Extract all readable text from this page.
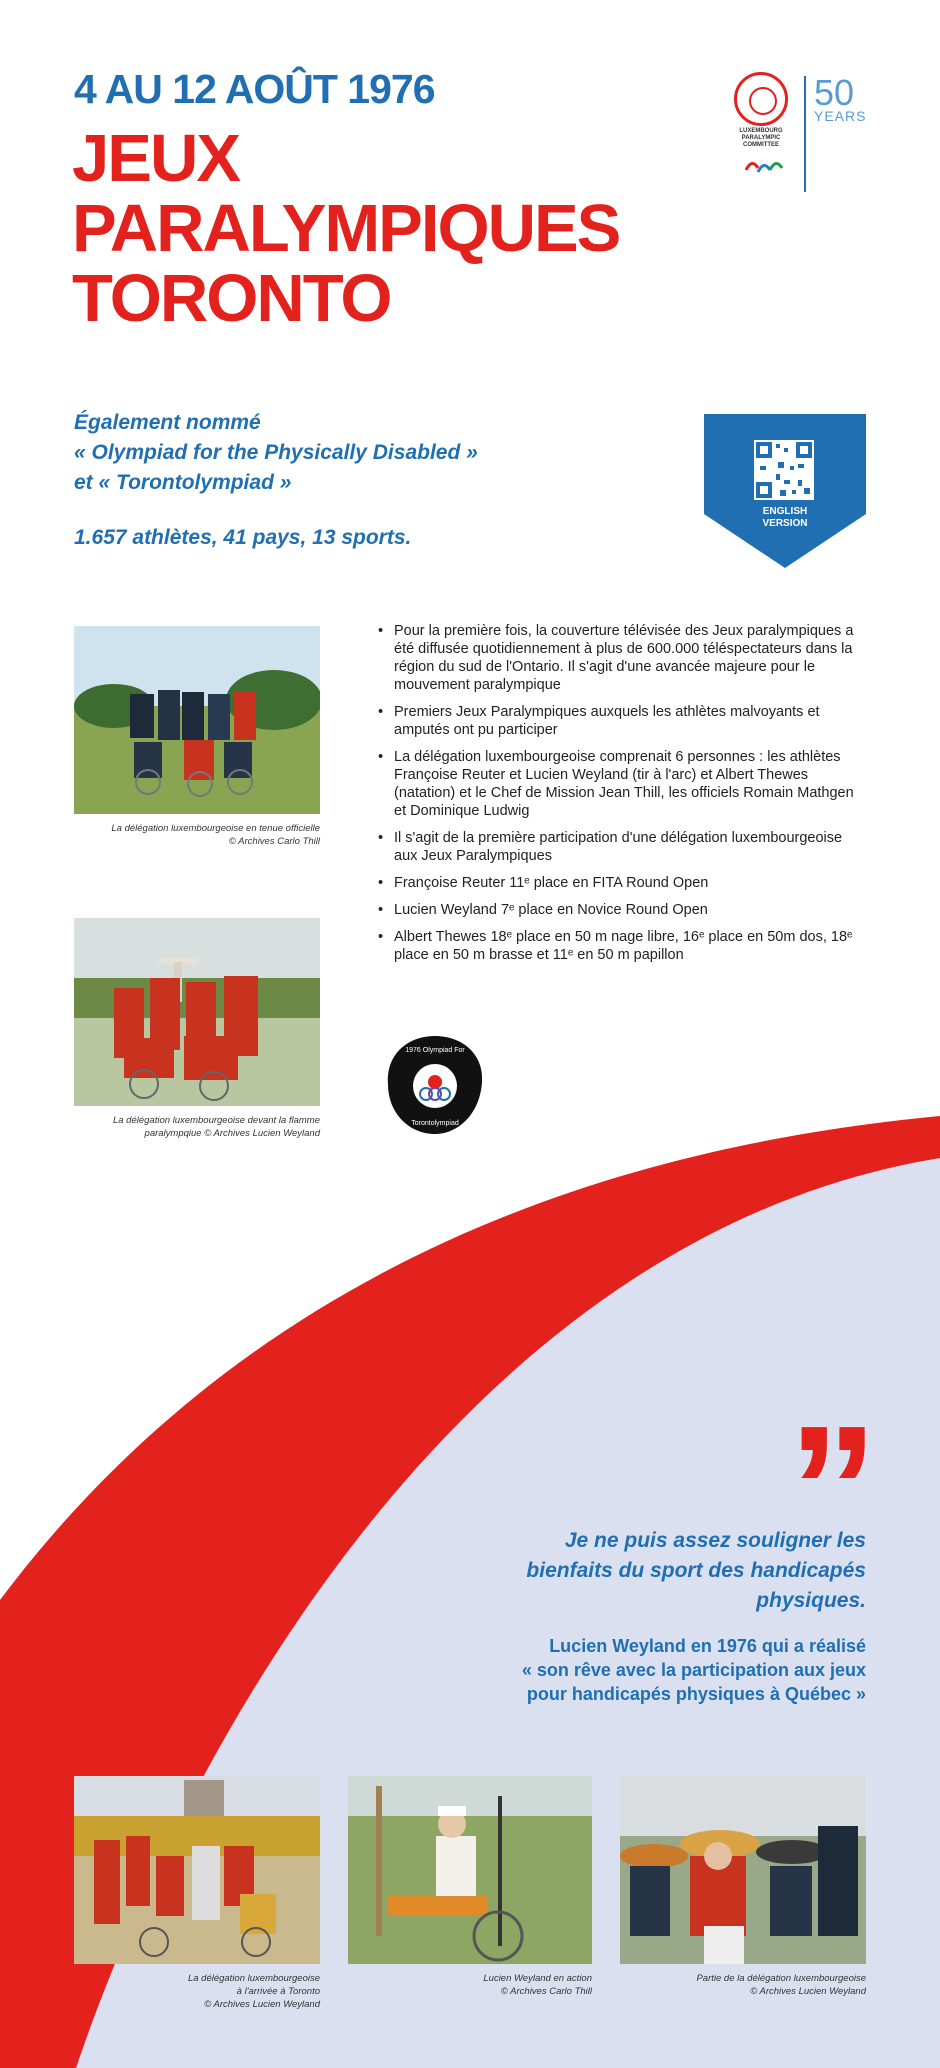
4 AU 12 AOÛT 1976
JEUX
PARALYMPIQUES
TORONTO
LUXEMBOURG PARALYMPIC COMMITTEE
50
YEARS
Également nommé
« Olympiad for the Physically Disabled »
et « Torontolympiad »
1.657 athlètes, 41 pays, 13 sports.
ENGLISH
VERSION
La délégation luxembourgeoise en tenue officielle
© Archives Carlo Thill
La délégation luxembourgeoise devant la flamme
paralympqiue © Archives Lucien Weyland
• Pour la première fois, la couverture télévisée des Jeux paralympiques a été diffusée quotidiennement à plus de 600.000 téléspectateurs dans la région du sud de l'Ontario. Il s'agit d'une avancée majeure pour le mouvement paralympique
• Premiers Jeux Paralympiques auxquels les athlètes malvoyants et amputés ont pu participer
• La délégation luxembourgeoise comprenait 6 personnes : les athlètes Françoise Reuter et Lucien Weyland (tir à l'arc) et Albert Thewes (natation) et le Chef de Mission Jean Thill, les officiels Romain Mathgen et Dominique Ludwig
• Il s'agit de la première participation d'une délégation luxembourgeoise aux Jeux Paralympiques
• Françoise Reuter 11ᵉ place en FITA Round Open
• Lucien Weyland 7ᵉ place en Novice Round Open
• Albert Thewes 18ᵉ place en 50 m nage libre, 16ᵉ place en 50m dos, 18ᵉ place en 50 m brasse et 11ᵉ en 50 m papillon
1976 Olympiad For
Torontolympiad
”
Je ne puis assez souligner les
bienfaits du sport des handicapés
physiques.
Lucien Weyland en 1976 qui a réalisé
« son rêve avec la participation aux jeux
pour handicapés physiques à Québec »
La délégation luxembourgeoise
à l'arrivée à Toronto
© Archives Lucien Weyland
Lucien Weyland en action
© Archives Carlo Thill
Partie de la délégation luxembourgeoise
© Archives Lucien Weyland
